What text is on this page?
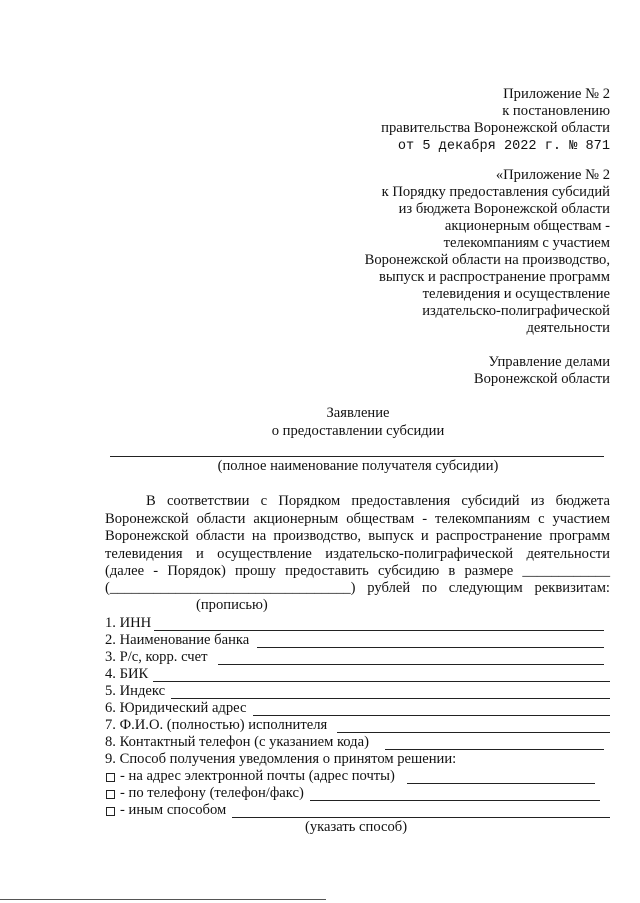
Приложение № 2
к постановлению
правительства Воронежской области
от 5 декабря 2022 г. № 871
«Приложение № 2
к Порядку предоставления субсидий
из бюджета Воронежской области
акционерным обществам -
телекомпаниям с участием
Воронежской области на производство,
выпуск и распространение программ
телевидения и осуществление
издательско-полиграфической
деятельности
Управление делами
Воронежской области
Заявление
о предоставлении субсидии
(полное наименование получателя субсидии)
В соответствии с Порядком предоставления субсидий из бюджета
Воронежской области акционерным обществам - телекомпаниям с участием
Воронежской области на производство, выпуск и распространение программ
телевидения и осуществление издательско-полиграфической деятельности
(далее - Порядок) прошу предоставить субсидию в размере ____________
(_________________________________) рублей по следующим реквизитам:
(прописью)
1. ИНН
2. Наименование банка
3. Р/с, корр. счет
4. БИК
5. Индекс
6. Юридический адрес
7. Ф.И.О. (полностью) исполнителя
8. Контактный телефон (с указанием кода)
9. Способ получения уведомления о принятом решении:
- на адрес электронной почты (адрес почты)
- по телефону (телефон/факс)
- иным способом
(указать способ)
